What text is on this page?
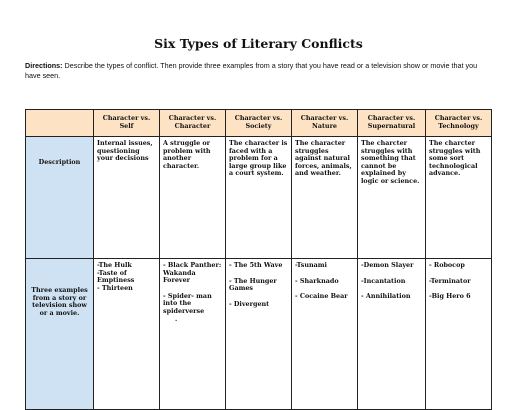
Six Types of Literary Conflicts
Directions: Describe the types of conflict. Then provide three examples from a story that you have read or a television show or movie that you have seen.

	Character vs. Self	Character vs.
Character	Character vs.
Society	Character vs.
Nature	Character vs.
Supernatural	Character vs.
Technology

Description	Internal issues, questioning your decisions	A struggle or problem with another character.	The character is faced with a problem for a large group like a court system.	The character struggles against natural forces, animals, and weather.	The charcter struggles with something that cannot be explained by logic or science.	The charcter struggles with some sort technological advance.
Three examples from a story or television show or a movie.	-The Hulk
-Taste of Emptiness
- Thirteen	- Black Panther: Wakanda Forever
- Spider- man into the spiderverse
.	- The 5th Wave
- The Hunger Games
- Divergent	-Tsunami
- Sharknado
- Cocaine Bear	-Demon Slayer
-Incantation
- Annihilation	- Robocop
-Terminator
-Big Hero 6
